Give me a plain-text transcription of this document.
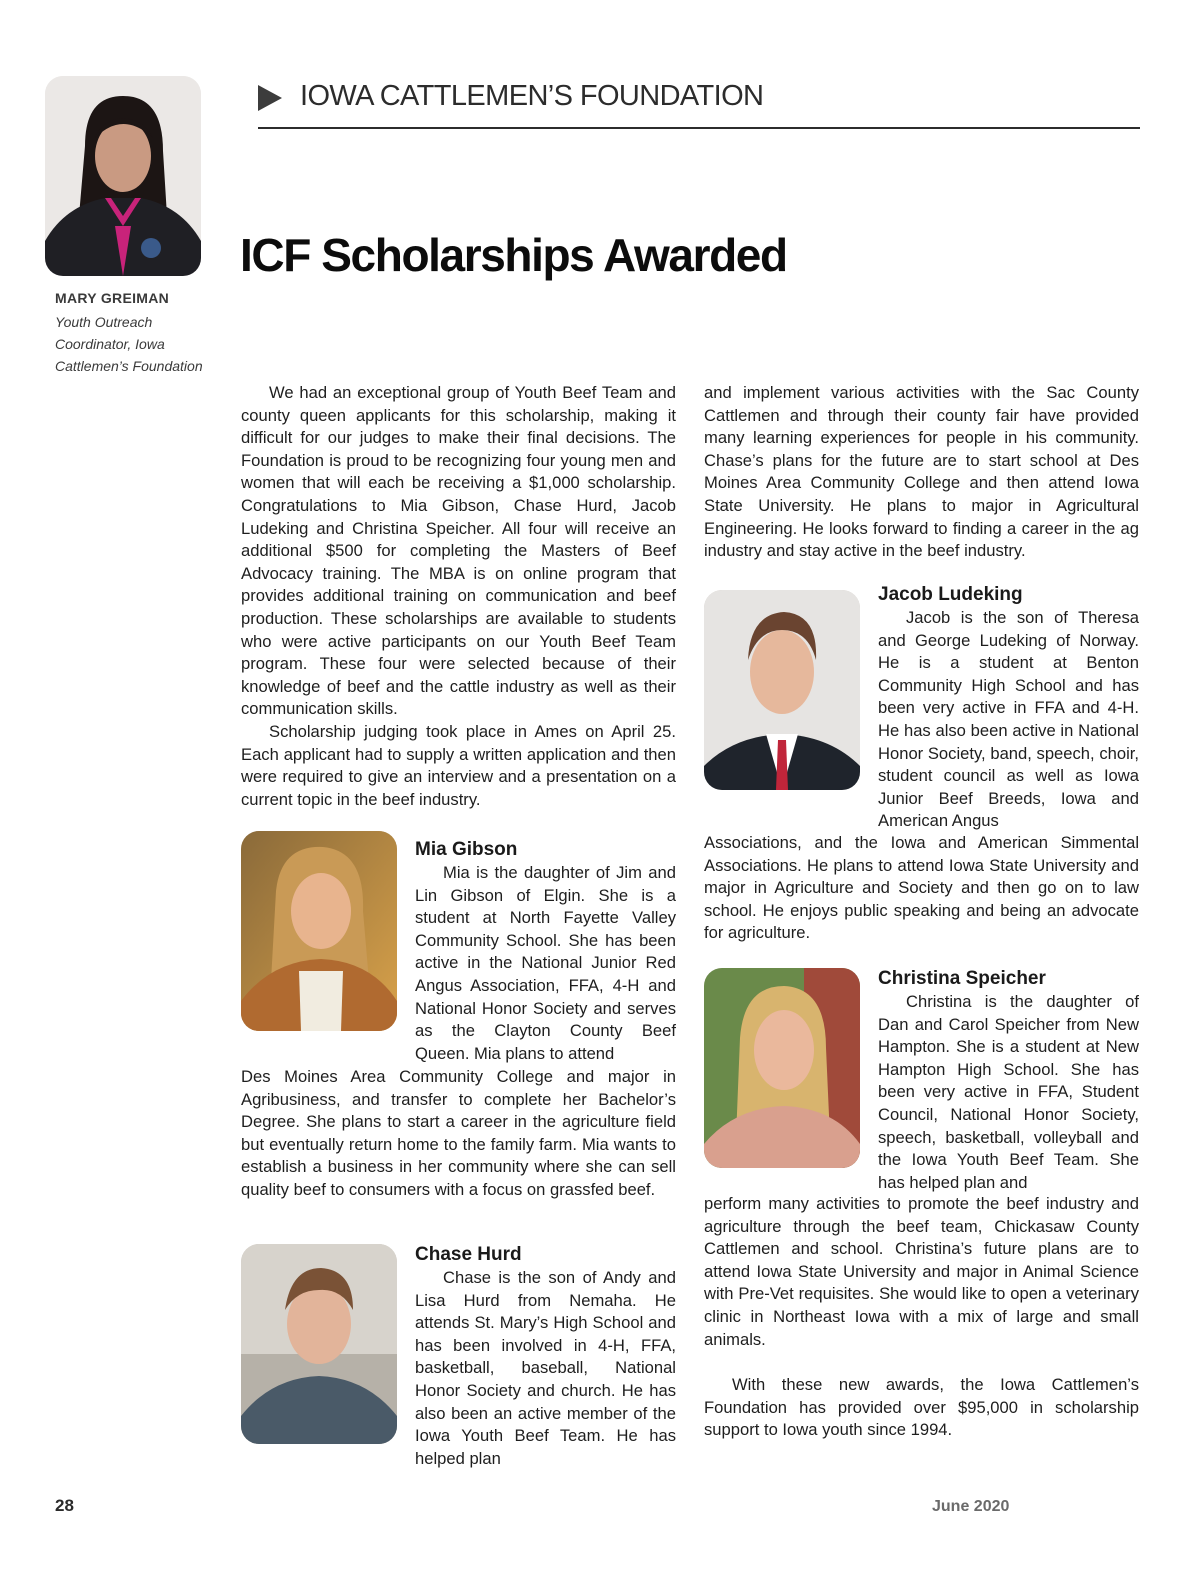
MARY GREIMAN
Youth Outreach Coordinator, Iowa Cattlemen’s Foundation
IOWA CATTLEMEN’S FOUNDATION
ICF Scholarships Awarded

We had an exceptional group of Youth Beef Team and county queen applicants for this scholarship, making it difficult for our judges to make their final decisions. The Foundation is proud to be recognizing four young men and women that will each be receiving a $1,000 scholarship. Congratulations to Mia Gibson, Chase Hurd, Jacob Ludeking and Christina Speicher. All four will receive an additional $500 for completing the Masters of Beef Advocacy training. The MBA is on online program that provides additional training on communication and beef production. These scholarships are available to students who were active participants on our Youth Beef Team program. These four were selected because of their knowledge of beef and the cattle industry as well as their communication skills.

Scholarship judging took place in Ames on April 25. Each applicant had to supply a written application and then were required to give an interview and a presentation on a current topic in the beef industry.

Mia Gibson

Mia is the daughter of Jim and Lin Gibson of Elgin. She is a student at North Fayette Valley Community School. She has been active in the National Junior Red Angus Association, FFA, 4-H and National Honor Society and serves as the Clayton County Beef Queen. Mia plans to attend

Des Moines Area Community College and major in Agribusiness, and transfer to complete her Bachelor’s Degree. She plans to start a career in the agriculture field but eventually return home to the family farm. Mia wants to establish a business in her community where she can sell quality beef to consumers with a focus on grassfed beef.

Chase Hurd

Chase is the son of Andy and Lisa Hurd from Nemaha. He attends St. Mary’s High School and has been involved in 4-H, FFA, basketball, baseball, National Honor Society and church. He has also been an active member of the Iowa Youth Beef Team. He has helped plan

and implement various activities with the Sac County Cattlemen and through their county fair have provided many learning experiences for people in his community. Chase’s plans for the future are to start school at Des Moines Area Community College and then attend Iowa State University. He plans to major in Agricultural Engineering. He looks forward to finding a career in the ag industry and stay active in the beef industry.

Jacob Ludeking

Jacob is the son of Theresa and George Ludeking of Norway. He is a student at Benton Community High School and has been very active in FFA and 4-H. He has also been active in National Honor Society, band, speech, choir, student council as well as Iowa Junior Beef Breeds, Iowa and American Angus

Associations, and the Iowa and American Simmental Associations. He plans to attend Iowa State University and major in Agriculture and Society and then go on to law school. He enjoys public speaking and being an advocate for agriculture.

Christina Speicher

Christina is the daughter of Dan and Carol Speicher from New Hampton. She is a student at New Hampton High School. She has been very active in FFA, Student Council, National Honor Society, speech, basketball, volleyball and the Iowa Youth Beef Team. She has helped plan and

perform many activities to promote the beef industry and agriculture through the beef team, Chickasaw County Cattlemen and school. Christina’s future plans are to attend Iowa State University and major in Animal Science with Pre-Vet requisites. She would like to open a veterinary clinic in Northeast Iowa with a mix of large and small animals.

With these new awards, the Iowa Cattlemen’s Foundation has provided over $95,000 in scholarship support to Iowa youth since 1994.

28	June 2020
